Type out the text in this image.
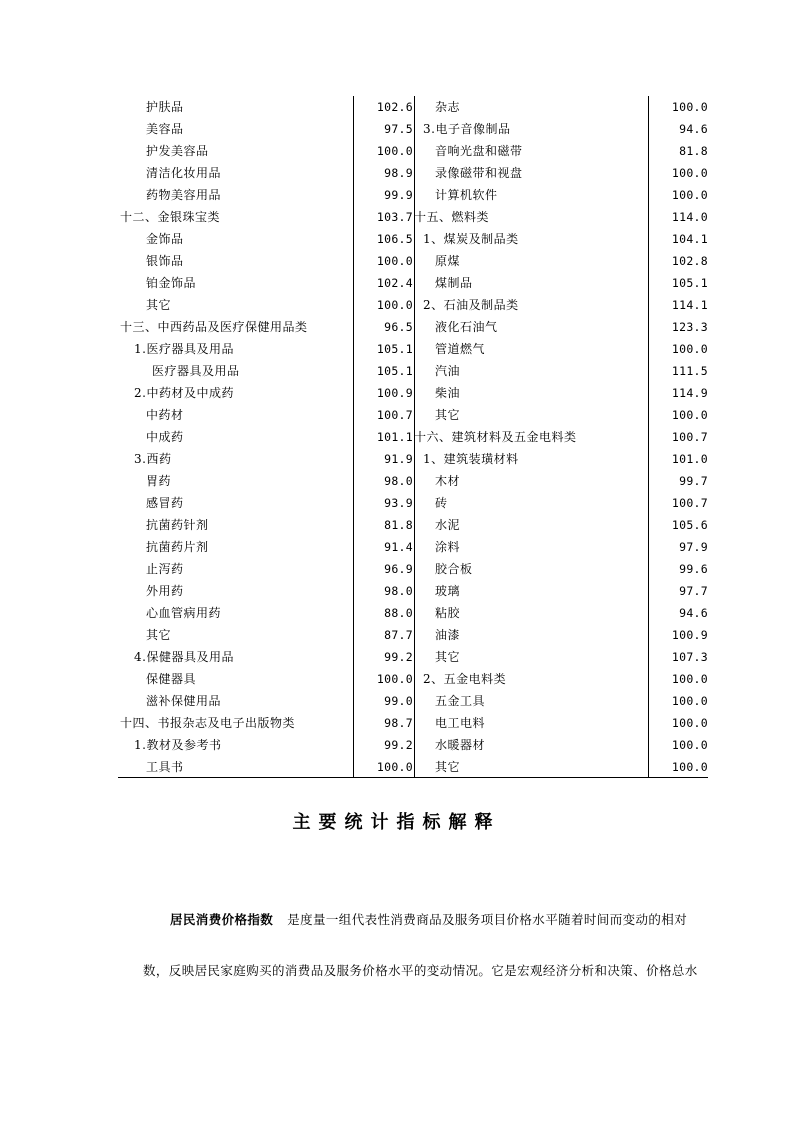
护肤品	102.6
美容品	97.5
护发美容品	100.0
清洁化妆用品	98.9
药物美容用品	99.9
十二、金银珠宝类	103.7
金饰品	106.5
银饰品	100.0
铂金饰品	102.4
其它	100.0
十三、中西药品及医疗保健用品类	96.5
1.医疗器具及用品	105.1
医疗器具及用品	105.1
2.中药材及中成药	100.9
中药材	100.7
中成药	101.1
3.西药	91.9
胃药	98.0
感冒药	93.9
抗菌药针剂	81.8
抗菌药片剂	91.4
止泻药	96.9
外用药	98.0
心血管病用药	88.0
其它	87.7
4.保健器具及用品	99.2
保健器具	100.0
滋补保健用品	99.0
十四、书报杂志及电子出版物类	98.7
1.教材及参考书	99.2
工具书	100.0
杂志	100.0
3.电子音像制品	94.6
音响光盘和磁带	81.8
录像磁带和视盘	100.0
计算机软件	100.0
十五、燃料类	114.0
1、煤炭及制品类	104.1
原煤	102.8
煤制品	105.1
2、石油及制品类	114.1
液化石油气	123.3
管道燃气	100.0
汽油	111.5
柴油	114.9
其它	100.0
十六、建筑材料及五金电料类	100.7
1、建筑装璜材料	101.0
木材	99.7
砖	100.7
水泥	105.6
涂料	97.9
胶合板	99.6
玻璃	97.7
粘胶	94.6
油漆	100.9
其它	107.3
2、五金电料类	100.0
五金工具	100.0
电工电料	100.0
水暖器材	100.0
其它	100.0
主要统计指标解释
居民消费价格指数 是度量一组代表性消费商品及服务项目价格水平随着时间而变动的相对
数，反映居民家庭购买的消费品及服务价格水平的变动情况。它是宏观经济分析和决策、价格总水
